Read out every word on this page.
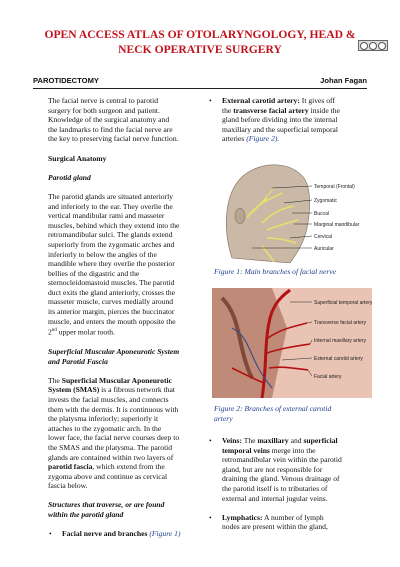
OPEN ACCESS ATLAS OF OTOLARYNGOLOGY, HEAD &
NECK OPERATIVE SURGERY
PAROTIDECTOMY	Johan Fagan

The facial nerve is central to parotid

surgery for both surgeon and patient.

Knowledge of the surgical anatomy and

the landmarks to find the facial nerve are

the key to preserving facial nerve function.

Surgical Anatomy

Parotid gland

The parotid glands are situated anteriorly

and inferiorly to the ear. They overlie the

vertical mandibular rami and masseter

muscles, behind which they extend into the

retromandibular sulci. The glands extend

superiorly from the zygomatic arches and

inferiorly to below the angles of the

mandible where they overlie the posterior

bellies of the digastric and the

sternocleidomastoid muscles. The parotid

duct exits the gland anteriorly, crosses the

masseter muscle, curves medially around

its anterior margin, pierces the buccinator

muscle, and enters the mouth opposite the

2nd upper molar tooth.

Superficial Muscular Aponeurotic System

and Parotid Fascia

The Superficial Muscular Aponeurotic

System (SMAS) is a fibrous network that

invests the facial muscles, and connects

them with the dermis. It is continuous with

the platysma inferiorly; superiorly it

attaches to the zygomatic arch. In the

lower face, the facial nerve courses deep to

the SMAS and the platysma. The parotid

glands are contained within two layers of

parotid fascia, which extend from the

zygoma above and continue as cervical

fascia below.

Structures that traverse, or are found

within the parotid gland

• Facial nerve and branches (Figure 1)

• External carotid artery: It gives off

the transverse facial artery inside the

gland before dividing into the internal

maxillary and the superficial temporal

arteries (Figure 2).

Temporal (Frontal)
Zygomatic
Buccal
Marginal mandibular
Cervical
Auricular
Figure 1: Main branches of facial nerve
Superficial temporal artery
Transverse facial artery
Internal maxillary artery
External carotid artery
Facial artery
Figure 2: Branches of external carotid
artery
• Veins: The maxillary and superficial

temporal veins merge into the

retromandibular vein within the parotid

gland, but are not responsible for

draining the gland. Venous drainage of

the parotid itself is to tributaries of

external and internal jugular veins.

• Lymphatics: A number of lymph

nodes are present within the gland,
